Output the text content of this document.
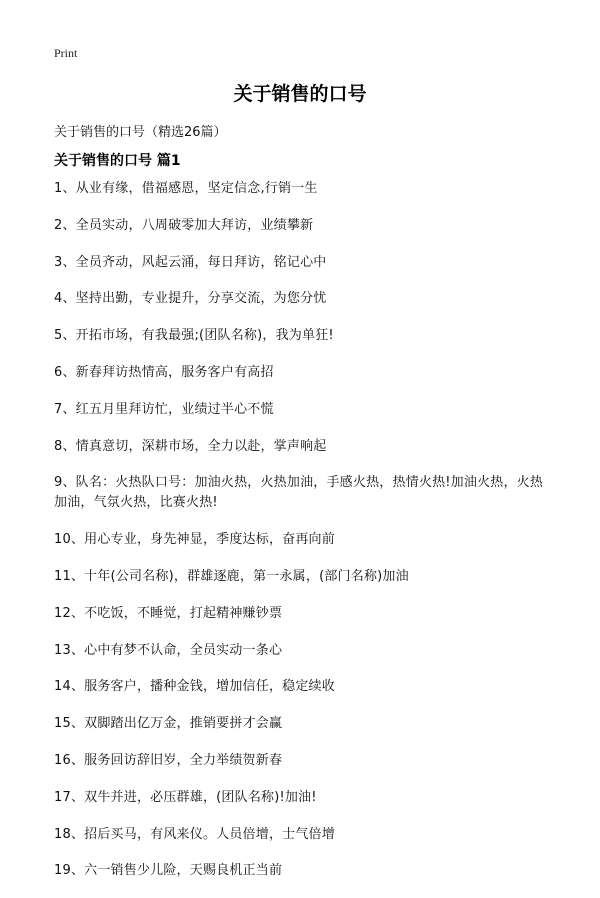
Print
关于销售的口号
关于销售的口号（精选26篇）
关于销售的口号 篇1
1、从业有缘，借福感恩，坚定信念,行销一生
2、全员实动，八周破零加大拜访，业绩攀新
3、全员齐动，风起云涌，每日拜访，铭记心中
4、坚持出勤，专业提升，分享交流，为您分忧
5、开拓市场，有我最强;(团队名称)，我为单狂!
6、新春拜访热情高，服务客户有高招
7、红五月里拜访忙，业绩过半心不慌
8、情真意切，深耕市场，全力以赴，掌声响起
9、队名：火热队口号：加油火热，火热加油，手感火热，热情火热!加油火热，火热加油，气氛火热，比赛火热!
10、用心专业，身先神显，季度达标，奋再向前
11、十年(公司名称)，群雄逐鹿，第一永属，(部门名称)加油
12、不吃饭，不睡觉，打起精神赚钞票
13、心中有梦不认命，全员实动一条心
14、服务客户，播种金钱，增加信任，稳定续收
15、双脚踏出亿万金，推销要拼才会赢
16、服务回访辞旧岁，全力举绩贺新春
17、双牛并进，必压群雄，(团队名称)!加油!
18、招后买马，有风来仪。人员倍增，士气倍增
19、六一销售少儿险，天赐良机正当前
